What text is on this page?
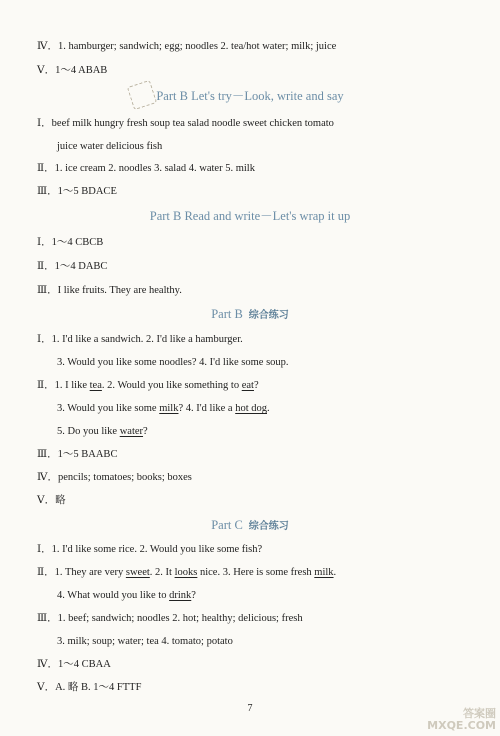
Ⅳ．1. hamburger; sandwich; egg; noodles 2. tea/hot water; milk; juice
Ⅴ．1～4 ABAB
Part B Let's try－Look, write and say
Ⅰ．beef milk hungry fresh soup tea salad noodle sweet chicken tomato
juice water delicious fish
Ⅱ．1. ice cream 2. noodles 3. salad 4. water 5. milk
Ⅲ．1～5 BDACE
Part B Read and write－Let's wrap it up
Ⅰ．1～4 CBCB
Ⅱ．1～4 DABC
Ⅲ．I like fruits. They are healthy.
Part B 综合练习
Ⅰ．1. I'd like a sandwich. 2. I'd like a hamburger.
3. Would you like some noodles? 4. I'd like some soup.
Ⅱ．1. I like tea. 2. Would you like something to eat?
3. Would you like some milk? 4. I'd like a hot dog.
5. Do you like water?
Ⅲ．1～5 BAABC
Ⅳ．pencils; tomatoes; books; boxes
Ⅴ．略
Part C 综合练习
Ⅰ．1. I'd like some rice. 2. Would you like some fish?
Ⅱ．1. They are very sweet. 2. It looks nice. 3. Here is some fresh milk.
4. What would you like to drink?
Ⅲ．1. beef; sandwich; noodles 2. hot; healthy; delicious; fresh
3. milk; soup; water; tea 4. tomato; potato
Ⅳ．1～4 CBAA
Ⅴ．A. 略 B. 1～4 FTTF
7	答案圈 MXQE.COM
